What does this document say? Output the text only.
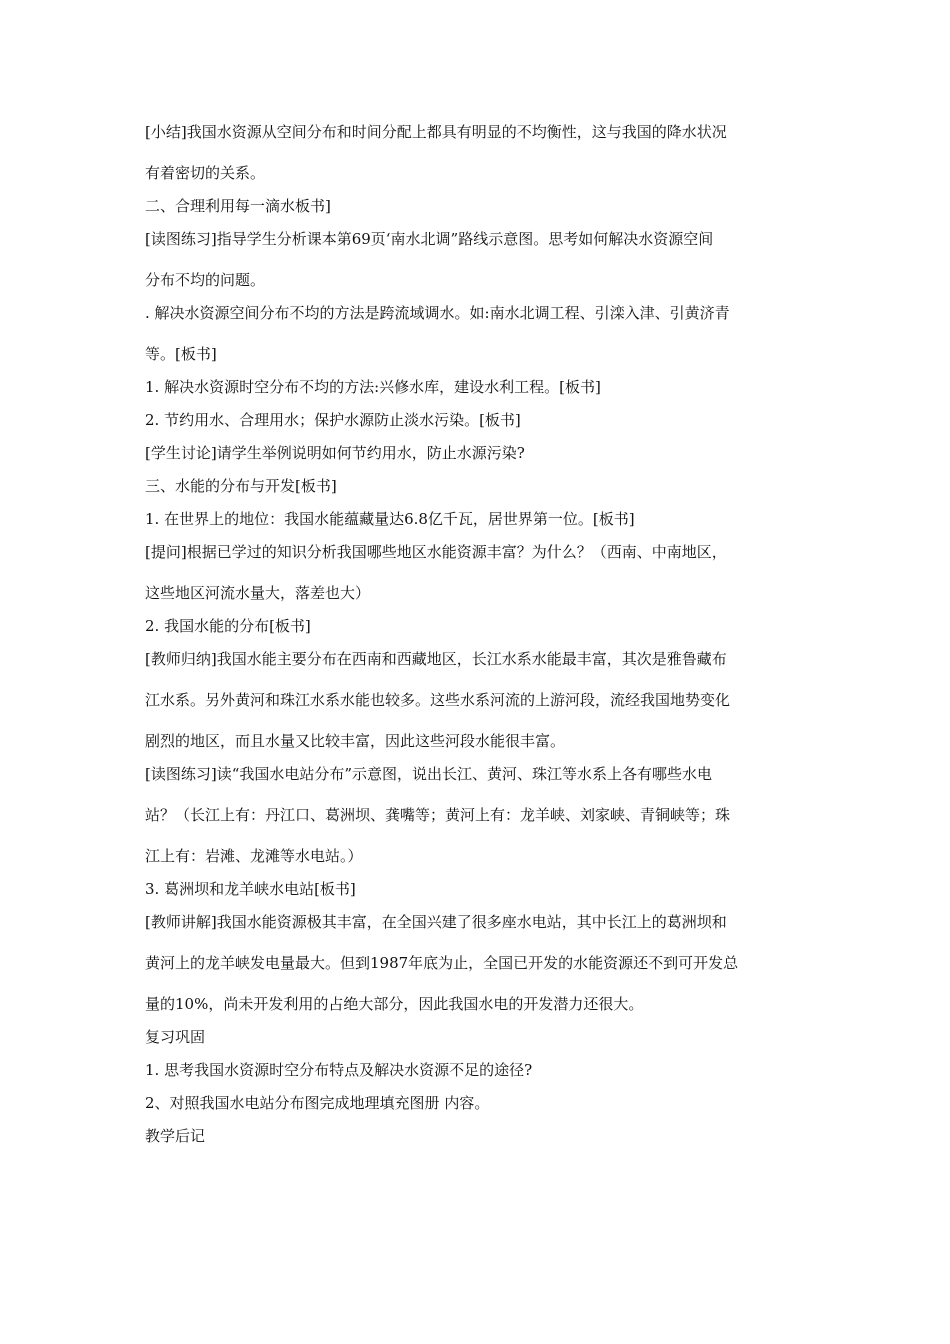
[小结]我国水资源从空间分布和时间分配上都具有明显的不均衡性，这与我国的降水状况
有着密切的关系。
二、合理利用每一滴水板书]
[读图练习]指导学生分析课本第69页‘南水北调”路线示意图。思考如何解决水资源空间
分布不均的问题。
. 解决水资源空间分布不均的方法是跨流域调水。如:南水北调工程、引滦入津、引黄济青
等。[板书]
1. 解决水资源时空分布不均的方法:兴修水库，建设水利工程。[板书]
2. 节约用水、合理用水；保护水源防止淡水污染。[板书]
[学生讨论]请学生举例说明如何节约用水，防止水源污染?
三、水能的分布与开发[板书]
1. 在世界上的地位：我国水能蕴藏量达6.8亿千瓦，居世界第一位。[板书]
[提问]根据已学过的知识分析我国哪些地区水能资源丰富？为什么？（西南、中南地区，
这些地区河流水量大，落差也大）
2. 我国水能的分布[板书]
[教师归纳]我国水能主要分布在西南和西藏地区，长江水系水能最丰富，其次是雅鲁藏布
江水系。另外黄河和珠江水系水能也较多。这些水系河流的上游河段，流经我国地势变化
剧烈的地区，而且水量又比较丰富，因此这些河段水能很丰富。
[读图练习]读“我国水电站分布”示意图，说出长江、黄河、珠江等水系上各有哪些水电
站？（长江上有：丹江口、葛洲坝、龚嘴等；黄河上有：龙羊峡、刘家峡、青铜峡等；珠
江上有：岩滩、龙滩等水电站。）
3. 葛洲坝和龙羊峡水电站[板书]
[教师讲解]我国水能资源极其丰富，在全国兴建了很多座水电站，其中长江上的葛洲坝和
黄河上的龙羊峡发电量最大。但到1987年底为止，全国已开发的水能资源还不到可开发总
量的10%，尚未开发利用的占绝大部分，因此我国水电的开发潜力还很大。
复习巩固
1. 思考我国水资源时空分布特点及解决水资源不足的途径?
2、对照我国水电站分布图完成地理填充图册 内容。
教学后记
